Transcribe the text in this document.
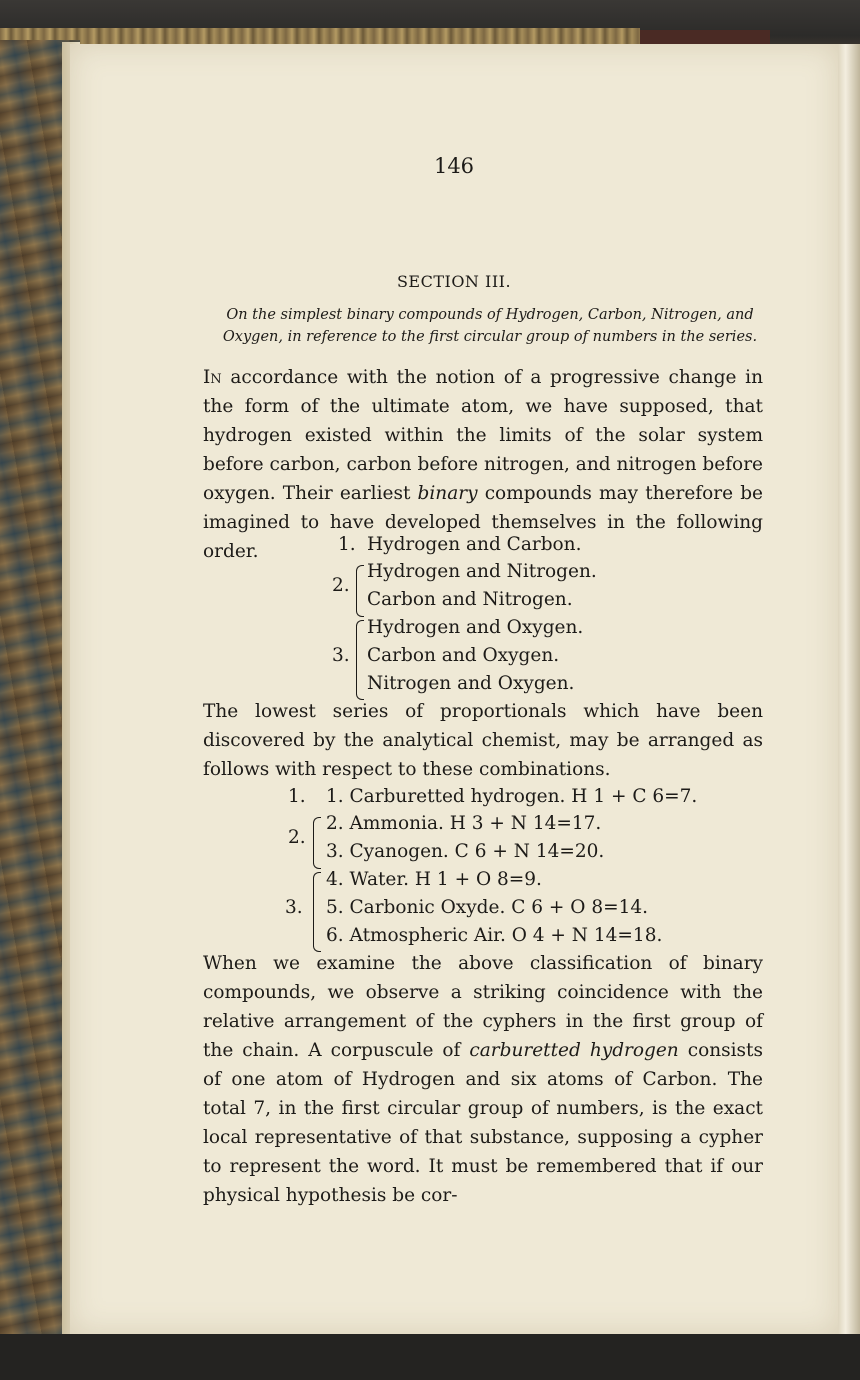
146
SECTION III.
On the simplest binary compounds of Hydrogen, Carbon, Nitrogen, and Oxygen, in reference to the first circular group of numbers in the series.
In accordance with the notion of a progressive change in the form of the ultimate atom, we have supposed, that hydrogen existed within the limits of the solar system before carbon, carbon before nitrogen, and nitrogen before oxygen. Their earliest binary compounds may therefore be imagined to have developed themselves in the following order.	1. Hydrogen and Carbon.
2.
Hydrogen and Nitrogen.
Carbon and Nitrogen.
3.
Hydrogen and Oxygen.
Carbon and Oxygen.
Nitrogen and Oxygen.
The lowest series of proportionals which have been discovered by the analytical chemist, may be arranged as follows with respect to these combinations.
1. 1. Carburetted hydrogen. H 1 + C 6=7.
2.
2. Ammonia. H 3 + N 14=17.
3. Cyanogen. C 6 + N 14=20.
3.
4. Water. H 1 + O 8=9.
5. Carbonic Oxyde. C 6 + O 8=14.
6. Atmospheric Air. O 4 + N 14=18.
When we examine the above classification of binary compounds, we observe a striking coincidence with the relative arrangement of the cyphers in the first group of the chain. A corpuscule of carburetted hydrogen consists of one atom of Hydrogen and six atoms of Carbon. The total 7, in the first circular group of numbers, is the exact local representative of that substance, supposing a cypher to represent the word. It must be remembered that if our physical hypothesis be cor-
